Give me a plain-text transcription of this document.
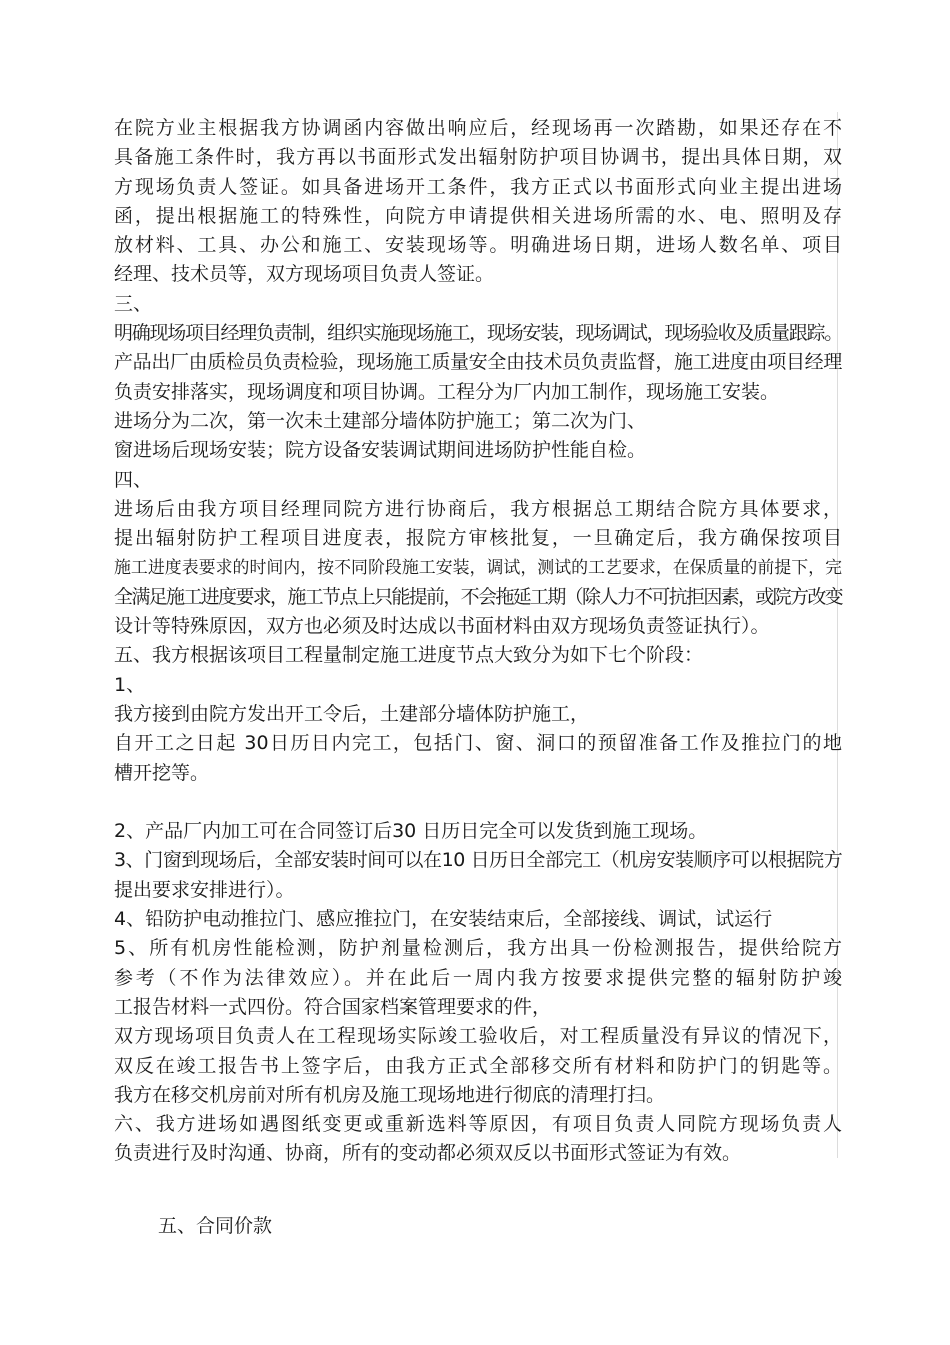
在院方业主根据我方协调函内容做出响应后，经现场再一次踏勘，如果还存在不
具备施工条件时，我方再以书面形式发出辐射防护项目协调书，提出具体日期，双
方现场负责人签证。如具备进场开工条件，我方正式以书面形式向业主提出进场
函，提出根据施工的特殊性，向院方申请提供相关进场所需的水、电、照明及存
放材料、工具、办公和施工、安装现场等。明确进场日期，进场人数名单、项目
经理、技术员等，双方现场项目负责人签证。
三、
明确现场项目经理负责制，组织实施现场施工，现场安装，现场调试，现场验收及质量跟踪。
产品出厂由质检员负责检验，现场施工质量安全由技术员负责监督，施工进度由项目经理
负责安排落实，现场调度和项目协调。工程分为厂内加工制作，现场施工安装。
进场分为二次，第一次未土建部分墙体防护施工；第二次为门、
窗进场后现场安装；院方设备安装调试期间进场防护性能自检。
四、
进场后由我方项目经理同院方进行协商后，我方根据总工期结合院方具体要求，
提出辐射防护工程项目进度表，报院方审核批复，一旦确定后，我方确保按项目
施工进度表要求的时间内，按不同阶段施工安装，调试，测试的工艺要求，在保质量的前提下，完
全满足施工进度要求，施工节点上只能提前，不会拖延工期（除人力不可抗拒因素，或院方改变
设计等特殊原因，双方也必须及时达成以书面材料由双方现场负责签证执行）。
五、我方根据该项目工程量制定施工进度节点大致分为如下七个阶段：
1、
我方接到由院方发出开工令后，土建部分墙体防护施工，
自开工之日起 30日历日内完工，包括门、窗、洞口的预留准备工作及推拉门的地
槽开挖等。
2、产品厂内加工可在合同签订后30 日历日完全可以发货到施工现场。
3、门窗到现场后，全部安装时间可以在10 日历日全部完工（机房安装顺序可以根据院方
提出要求安排进行）。
4、铅防护电动推拉门、感应推拉门，在安装结束后，全部接线、调试，试运行
5、所有机房性能检测，防护剂量检测后，我方出具一份检测报告，提供给院方
参考（不作为法律效应）。并在此后一周内我方按要求提供完整的辐射防护竣
工报告材料一式四份。符合国家档案管理要求的件，
双方现场项目负责人在工程现场实际竣工验收后，对工程质量没有异议的情况下，
双反在竣工报告书上签字后，由我方正式全部移交所有材料和防护门的钥匙等。
我方在移交机房前对所有机房及施工现场地进行彻底的清理打扫。
六、我方进场如遇图纸变更或重新选料等原因，有项目负责人同院方现场负责人
负责进行及时沟通、协商，所有的变动都必须双反以书面形式签证为有效。
五、合同价款
